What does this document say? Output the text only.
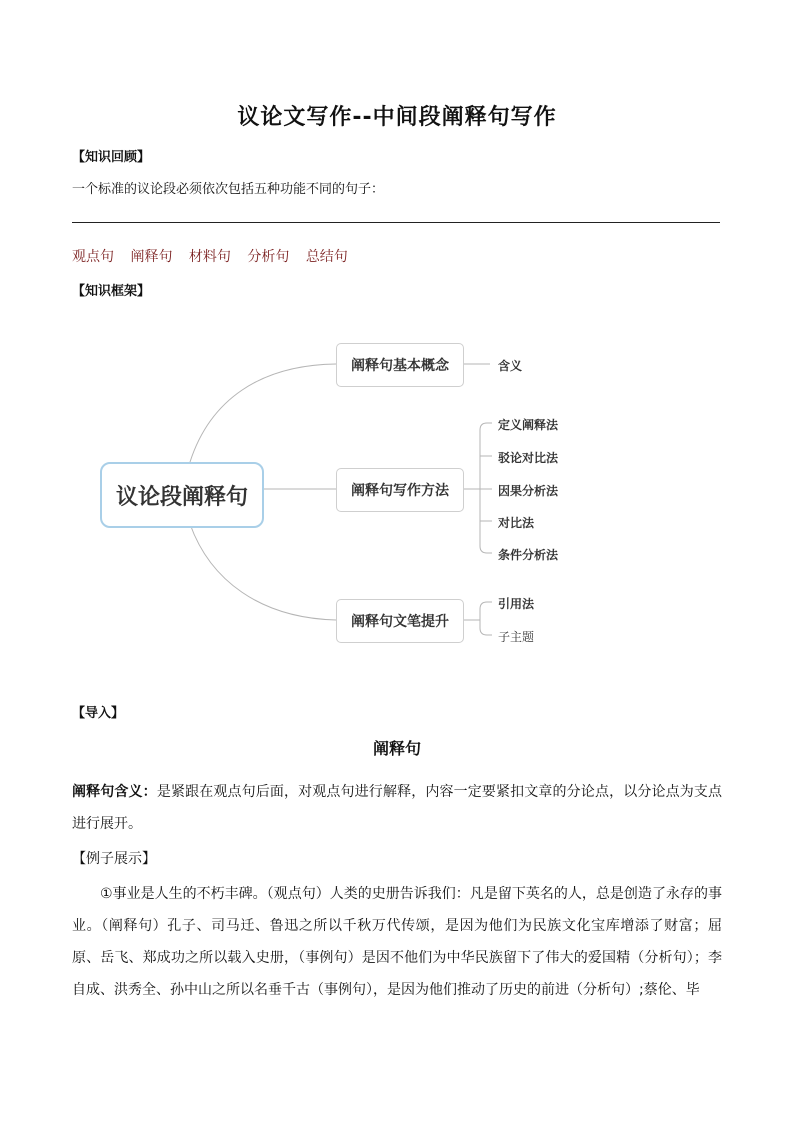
议论文写作--中间段阐释句写作
【知识回顾】
一个标准的议论段必须依次包括五种功能不同的句子：
观点句 阐释句 材料句 分析句 总结句
【知识框架】
议论段阐释句
阐释句基本概念
阐释句写作方法
阐释句文笔提升
含义
定义阐释法
驳论对比法
因果分析法
对比法
条件分析法
引用法
子主题
【导入】
阐释句
阐释句含义：是紧跟在观点句后面，对观点句进行解释，内容一定要紧扣文章的分论点，以分论点为支点进行展开。
【例子展示】
①事业是人生的不朽丰碑。（观点句）人类的史册告诉我们：凡是留下英名的人，总是创造了永存的事业。（阐释句）孔子、司马迁、鲁迅之所以千秋万代传颂，是因为他们为民族文化宝库增添了财富；屈原、岳飞、郑成功之所以载入史册，（事例句）是因不他们为中华民族留下了伟大的爱国精（分析句）；李自成、洪秀全、孙中山之所以名垂千古（事例句），是因为他们推动了历史的前进（分析句）;蔡伦、毕
